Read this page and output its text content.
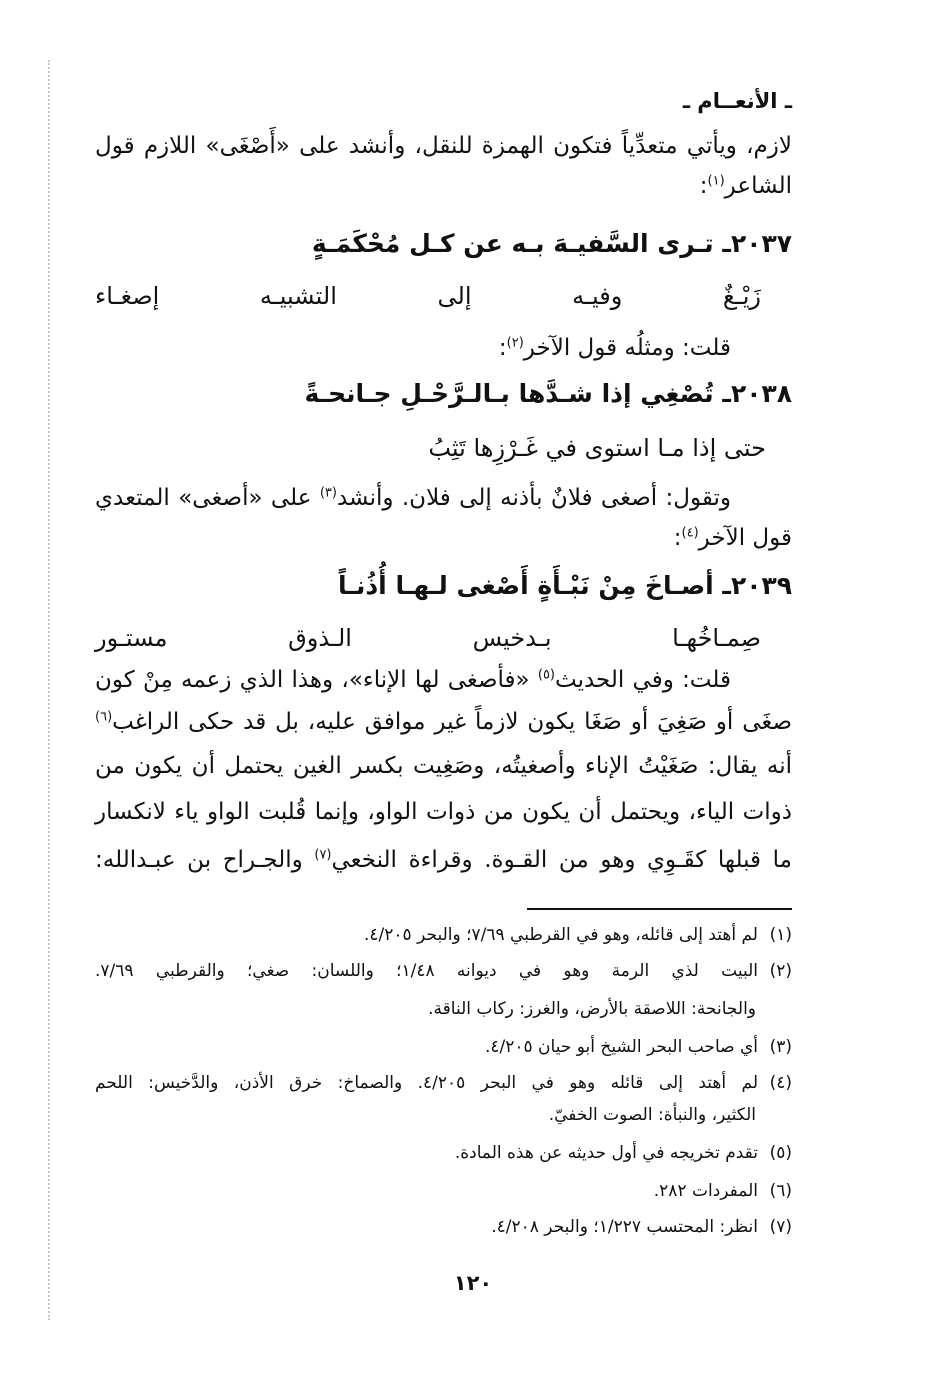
ـ الأنعــام ـ
لازم، ويأتي متعدِّياً فتكون الهمزة للنقل، وأنشد على «أَصْغَى» اللازم قول
الشاعر$^{(١)}$:
٢٠٣٧ـ تـرى السَّفيـهَ بـه عن كـل مُحْكَمَـةٍ
زَيْـغٌ وفيـه إلى التشبيـه إصغـاء
قلت: ومثلُه قول الآخر$^{(٢)}$:
٢٠٣٨ـ تُصْغِي إذا شـدَّها بـالـرَّحْـلِ جـانحـةً
حتى إذا مـا استوى في غَـرْزِها تَثِبُ
وتقول: أصغى فلانٌ بأذنه إلى فلان. وأنشد$^{(٣)}$ على «أصغى» المتعدي
قول الآخر$^{(٤)}$:
٢٠٣٩ـ أصـاخَ مِنْ نَبْـأَةٍ أَصْغى لـهـا أُذُنـاً
صِمـاخُهـا بـدخيس الـذوق مستـور
قلت: وفي الحديث$^{(٥)}$ «فأصغى لها الإناء»، وهذا الذي زعمه مِنْ كون
صغَى أو صَغِيَ أو صَغَا يكون لازماً غير موافق عليه، بل قد حكى الراغب$^{(٦)}$
أنه يقال: صَغَيْتُ الإناء وأصغيتُه، وصَغِيت بكسر الغين يحتمل أن يكون من
ذوات الياء، ويحتمل أن يكون من ذوات الواو، وإنما قُلبت الواو ياء لانكسار
ما قبلها كقَـوِي وهو من القـوة. وقراءة النخعي$^{(٧)}$ والجـراح بن عبـدالله:
(١)لم أهتد إلى قائله، وهو في القرطبي ٧/٦٩؛ والبحر ٤/٢٠٥.
(٢)البيت لذي الرمة وهو في ديوانه ١/٤٨؛ واللسان: صغي؛ والقرطبي ٧/٦٩.
والجانحة: اللاصقة بالأرض، والغرز: ركاب الناقة.
(٣)أي صاحب البحر الشيخ أبو حيان ٤/٢٠٥.
(٤)لم أهتد إلى قائله وهو في البحر ٤/٢٠٥. والصماخ: خرق الأذن، والدَّخيس: اللحم
الكثير، والنبأة: الصوت الخفيّ.
(٥)تقدم تخريجه في أول حديثه عن هذه المادة.
(٦)المفردات ٢٨٢.
(٧)انظر: المحتسب ١/٢٢٧؛ والبحر ٤/٢٠٨.
١٢٠
